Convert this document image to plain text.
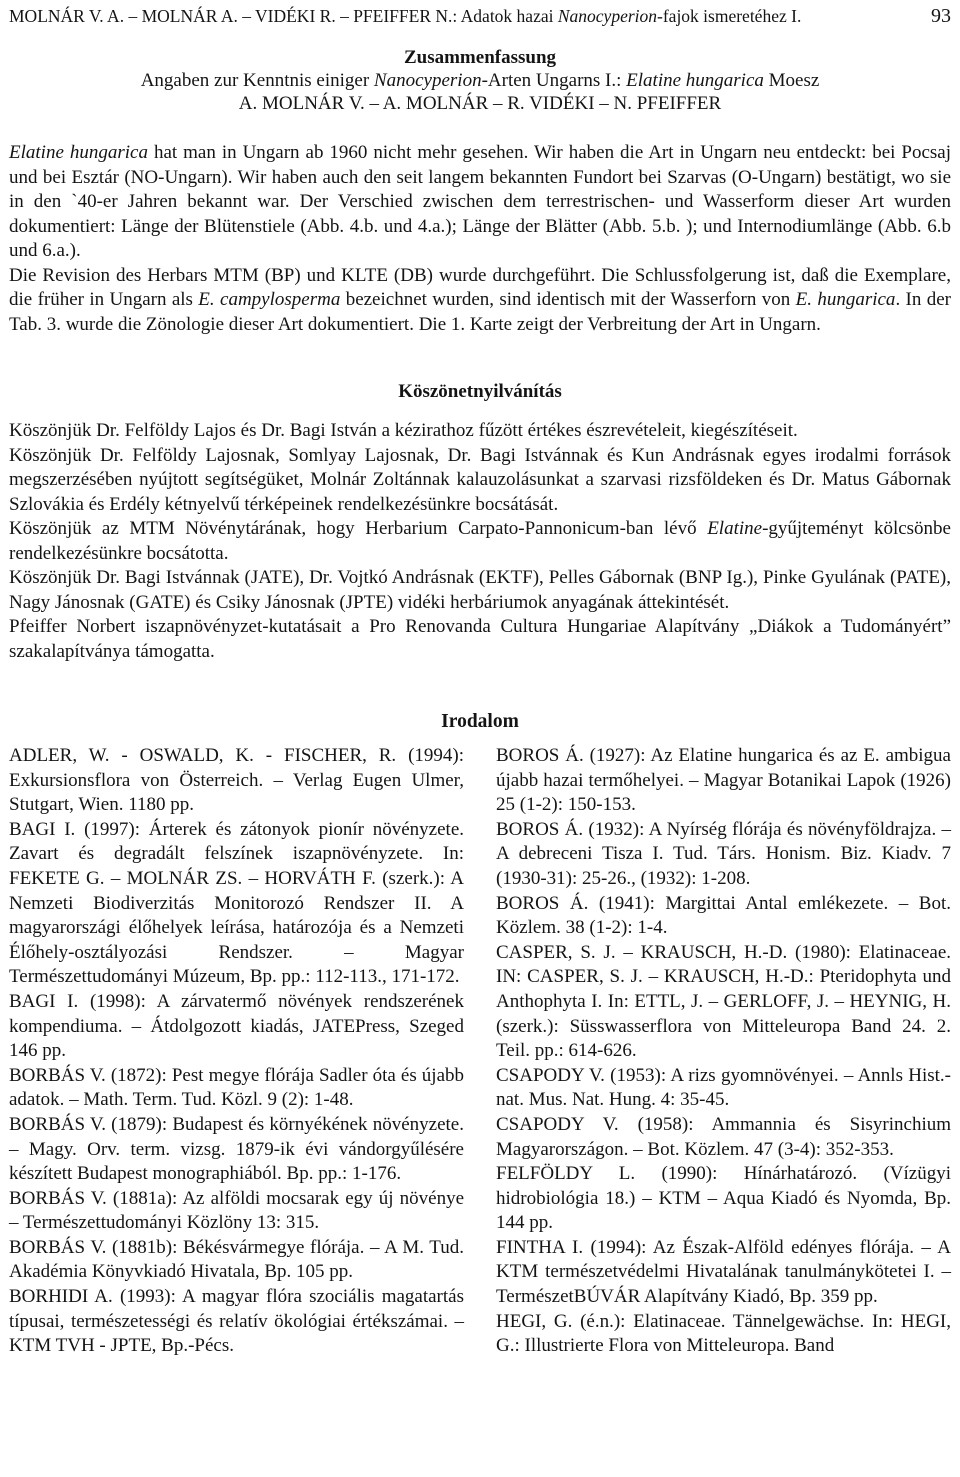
MOLNÁR V. A. – MOLNÁR A. – VIDÉKI R. – PFEIFFER N.: Adatok hazai Nanocyperion-fajok ismeretéhez I.	93

Zusammenfassung

Angaben zur Kenntnis einiger Nanocyperion-Arten Ungarns I.: Elatine hungarica Moesz

A. MOLNÁR V. – A. MOLNÁR – R. VIDÉKI – N. PFEIFFER

Elatine hungarica hat man in Ungarn ab 1960 nicht mehr gesehen. Wir haben die Art in Ungarn neu entdeckt: bei Pocsaj und bei Esztár (NO-Ungarn). Wir haben auch den seit langem bekannten Fundort bei Szarvas (O-Ungarn) bestätigt, wo sie in den `40-er Jahren bekannt war. Der Verschied zwischen dem terrestrischen- und Wasserform dieser Art wurden dokumentiert: Länge der Blütenstiele (Abb. 4.b. und 4.a.); Länge der Blätter (Abb. 5.b. ); und Internodiumlänge (Abb. 6.b und 6.a.).

Die Revision des Herbars MTM (BP) und KLTE (DB) wurde durchgeführt. Die Schlussfolgerung ist, daß die Exemplare, die früher in Ungarn als E. campylosperma bezeichnet wurden, sind identisch mit der Wasserforn von E. hungarica. In der Tab. 3. wurde die Zönologie dieser Art dokumentiert. Die 1. Karte zeigt der Verbreitung der Art in Ungarn.

Köszönetnyilvánítás

Köszönjük Dr. Felföldy Lajos és Dr. Bagi István a kézirathoz fűzött értékes észrevételeit, kiegészítéseit.

Köszönjük Dr. Felföldy Lajosnak, Somlyay Lajosnak, Dr. Bagi Istvánnak és Kun Andrásnak egyes irodalmi források megszerzésében nyújtott segítségüket, Molnár Zoltánnak kalauzolásunkat a szarvasi rizsföldeken és Dr. Matus Gábornak Szlovákia és Erdély kétnyelvű térképeinek rendelkezésünkre bocsátását.

Köszönjük az MTM Növénytárának, hogy Herbarium Carpato-Pannonicum-ban lévő Elatine-gyűjteményt kölcsönbe rendelkezésünkre bocsátotta.

Köszönjük Dr. Bagi Istvánnak (JATE), Dr. Vojtkó Andrásnak (EKTF), Pelles Gábornak (BNP Ig.), Pinke Gyulának (PATE), Nagy Jánosnak (GATE) és Csiky Jánosnak (JPTE) vidéki herbáriumok anyagának áttekintését.

Pfeiffer Norbert iszapnövényzet-kutatásait a Pro Renovanda Cultura Hungariae Alapítvány „Diákok a Tudományért” szakalapítványa támogatta.

Irodalom

ADLER, W. - OSWALD, K. - FISCHER, R. (1994): Exkursionsflora von Österreich. – Verlag Eugen Ulmer, Stutgart, Wien. 1180 pp.

BAGI I. (1997): Árterek és zátonyok pionír növényzete. Zavart és degradált felszínek iszapnövényzete. In: FEKETE G. – MOLNÁR ZS. – HORVÁTH F. (szerk.): A Nemzeti Biodiverzitás Monitorozó Rendszer II. A magyarországi élőhelyek leírása, határozója és a Nemzeti Élőhely-osztályozási Rendszer. – Magyar Természettudományi Múzeum, Bp. pp.: 112-113., 171-172.

BAGI I. (1998): A zárvatermő növények rendszerének kompendiuma. – Átdolgozott kiadás, JATEPress, Szeged 146 pp.

BORBÁS V. (1872): Pest megye flórája Sadler óta és újabb adatok. – Math. Term. Tud. Közl. 9 (2): 1-48.

BORBÁS V. (1879): Budapest és környékének növényzete. – Magy. Orv. term. vizsg. 1879-ik évi vándorgyűlésére készített Budapest monographiából. Bp. pp.: 1-176.

BORBÁS V. (1881a): Az alföldi mocsarak egy új növénye – Természettudományi Közlöny 13: 315.

BORBÁS V. (1881b): Békésvármegye flórája. – A M. Tud. Akadémia Könyvkiadó Hivatala, Bp. 105 pp.

BORHIDI A. (1993): A magyar flóra szociális magatartás típusai, természetességi és relatív ökológiai értékszámai. – KTM TVH - JPTE, Bp.-Pécs.

BOROS Á. (1927): Az Elatine hungarica és az E. ambigua újabb hazai termőhelyei. – Magyar Botanikai Lapok (1926) 25 (1-2): 150-153.

BOROS Á. (1932): A Nyírség flórája és növényföldrajza. – A debreceni Tisza I. Tud. Társ. Honism. Biz. Kiadv. 7 (1930-31): 25-26., (1932): 1-208.

BOROS Á. (1941): Margittai Antal emlékezete. – Bot. Közlem. 38 (1-2): 1-4.

CASPER, S. J. – KRAUSCH, H.-D. (1980): Elatinaceae. IN: CASPER, S. J. – KRAUSCH, H.-D.: Pteridophyta und Anthophyta I. In: ETTL, J. – GERLOFF, J. – HEYNIG, H. (szerk.): Süsswasserflora von Mitteleuropa Band 24. 2. Teil. pp.: 614-626.

CSAPODY V. (1953): A rizs gyomnövényei. – Annls Hist.-nat. Mus. Nat. Hung. 4: 35-45.

CSAPODY V. (1958): Ammannia és Sisyrinchium Magyarországon. – Bot. Közlem. 47 (3-4): 352-353.

FELFÖLDY L. (1990): Hínárhatározó. (Vízügyi hidrobiológia 18.) – KTM – Aqua Kiadó és Nyomda, Bp. 144 pp.

FINTHA I. (1994): Az Észak-Alföld edényes flórája. – A KTM természetvédelmi Hivatalának tanulmánykötetei I. – TermészetBÚVÁR Alapítvány Kiadó, Bp. 359 pp.

HEGI, G. (é.n.): Elatinaceae. Tännelgewächse. In: HEGI, G.: Illustrierte Flora von Mitteleuropa. Band
